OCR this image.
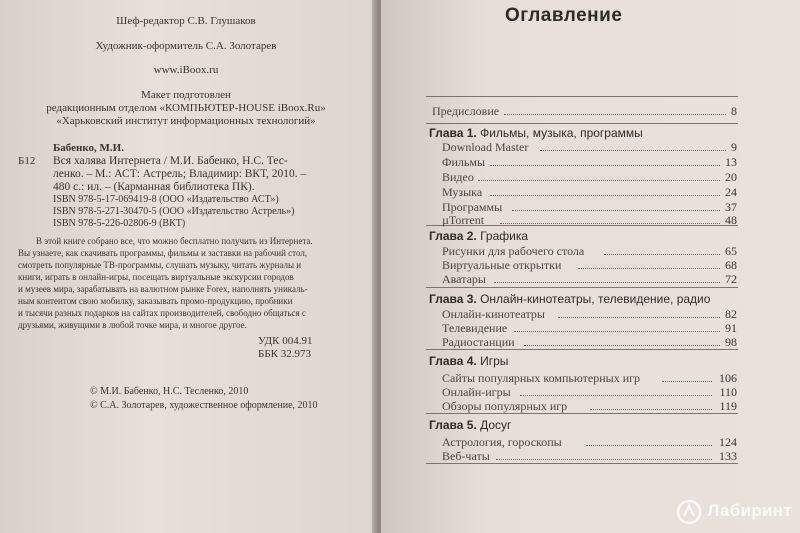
Шеф-редактор С.В. Глушаков
Художник-оформитель С.А. Золотарев
www.iBoox.ru
Макет подготовлен
редакционным отделом «КОМПЬЮТЕР-HOUSE iBoox.Ru»
«Харьковский институт информационных технологий»
Бабенко, М.И.
Б12 Вся халява Интернета / М.И. Бабенко, Н.С. Тес-
ленко. – М.: АСТ: Астрель; Владимир: ВКТ, 2010. –
480 с.: ил. – (Карманная библиотека ПК).
ISBN 978-5-17-069419-8 (ООО «Издательство АСТ»)
ISBN 978-5-271-30470-5 (ООО «Издательство Астрель»)
ISBN 978-5-226-02806-9 (ВКТ)
В этой книге собрано все, что можно бесплатно получить из Интернета.
Вы узнаете, как скачивать программы, фильмы и заставки на рабочий стол,
смотреть популярные ТВ-программы, слушать музыку, читать журналы и
книги, играть в онлайн-игры, посещать виртуальные экскурсии городов
и музеев мира, зарабатывать на валютном рынке Forex, наполнять уникаль-
ным контентом свою мобилку, заказывать промо-продукцию, пробники
и тысячи разных подарков на сайтах производителей, свободно общаться с
друзьями, живущими в любой точке мира, и многое другое.
УДК 004.91
ББК 32.973
© М.И. Бабенко, Н.С. Тесленко, 2010
© С.А. Золотарев, художественное оформление, 2010
Оглавление
Предисловие	8
Глава 1. Фильмы, музыка, программы
Download Master	9
Фильмы	13
Видео	20
Музыка	24
Программы	37
µTorrent	48
Глава 2. Графика
Рисунки для рабочего стола	65
Виртуальные открытки	68
Аватары	72
Глава 3. Онлайн-кинотеатры, телевидение, радио
Онлайн-кинотеатры	82
Телевидение	91
Радиостанции	98
Глава 4. Игры
Сайты популярных компьютерных игр	106
Онлайн-игры	110
Обзоры популярных игр	119
Глава 5. Досуг
Астрология, гороскопы	124
Веб-чаты	133
Лабиринт
